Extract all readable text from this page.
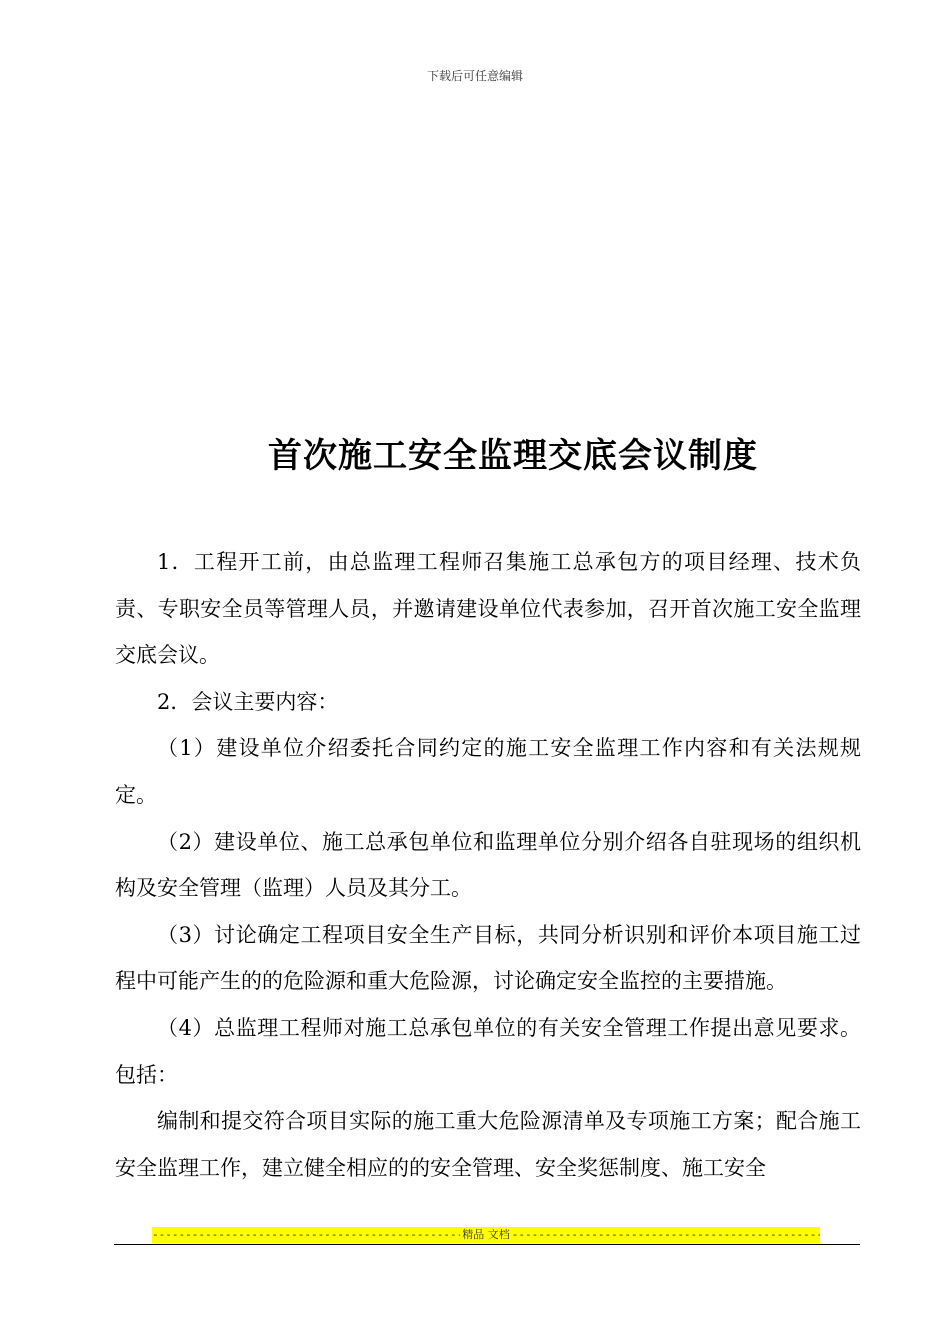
下载后可任意编辑
首次施工安全监理交底会议制度

1．工程开工前，由总监理工程师召集施工总承包方的项目经理、技术负责、专职安全员等管理人员，并邀请建设单位代表参加，召开首次施工安全监理交底会议。

2．会议主要内容：

（1）建设单位介绍委托合同约定的施工安全监理工作内容和有关法规规定。

（2）建设单位、施工总承包单位和监理单位分别介绍各自驻现场的组织机构及安全管理（监理）人员及其分工。

（3）讨论确定工程项目安全生产目标，共同分析识别和评价本项目施工过程中可能产生的的危险源和重大危险源，讨论确定安全监控的主要措施。

（4）总监理工程师对施工总承包单位的有关安全管理工作提出意见要求。包括：

编制和提交符合项目实际的施工重大危险源清单及专项施工方案；配合施工安全监理工作，建立健全相应的的安全管理、安全奖惩制度、施工安全

-----
精品 文档
-----
